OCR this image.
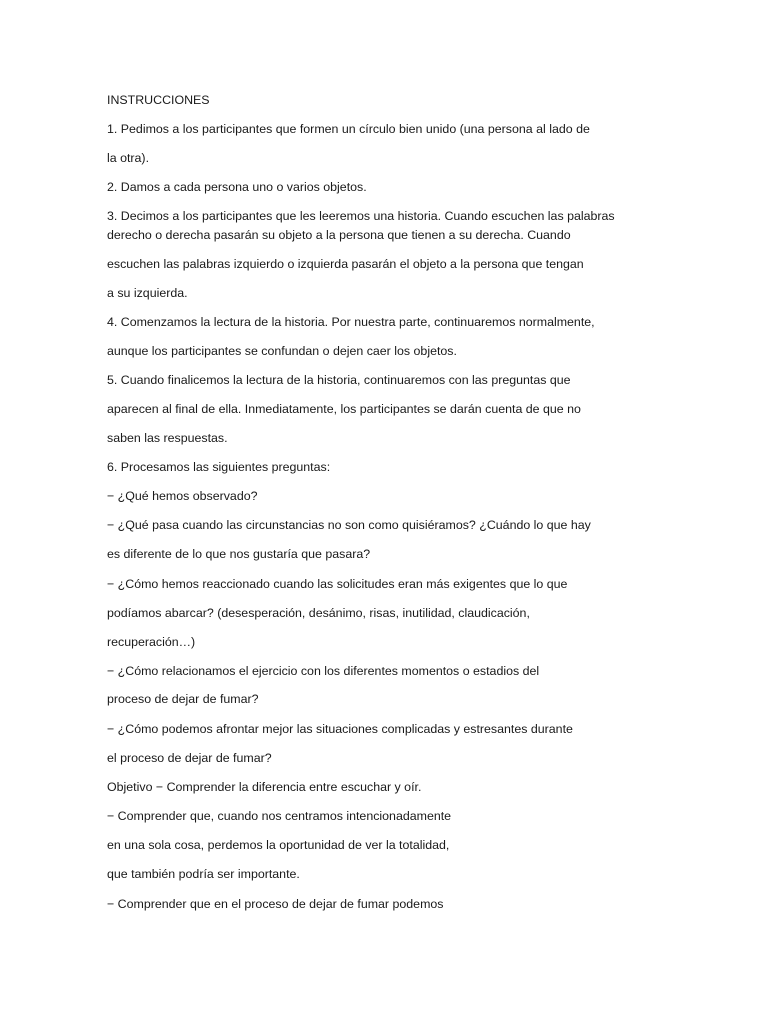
INSTRUCCIONES
1. Pedimos a los participantes que formen un círculo bien unido (una persona al lado de
la otra).
2. Damos a cada persona uno o varios objetos.
3. Decimos a los participantes que les leeremos una historia. Cuando escuchen las palabras
derecho o derecha pasarán su objeto a la persona que tienen a su derecha. Cuando
escuchen las palabras izquierdo o izquierda pasarán el objeto a la persona que tengan
a su izquierda.
4. Comenzamos la lectura de la historia. Por nuestra parte, continuaremos normalmente,
aunque los participantes se confundan o dejen caer los objetos.
5. Cuando finalicemos la lectura de la historia, continuaremos con las preguntas que
aparecen al final de ella. Inmediatamente, los participantes se darán cuenta de que no
saben las respuestas.
6. Procesamos las siguientes preguntas:
− ¿Qué hemos observado?
− ¿Qué pasa cuando las circunstancias no son como quisiéramos? ¿Cuándo lo que hay
es diferente de lo que nos gustaría que pasara?
− ¿Cómo hemos reaccionado cuando las solicitudes eran más exigentes que lo que
podíamos abarcar? (desesperación, desánimo, risas, inutilidad, claudicación,
recuperación…)
− ¿Cómo relacionamos el ejercicio con los diferentes momentos o estadios del
proceso de dejar de fumar?
− ¿Cómo podemos afrontar mejor las situaciones complicadas y estresantes durante
el proceso de dejar de fumar?
Objetivo − Comprender la diferencia entre escuchar y oír.
− Comprender que, cuando nos centramos intencionadamente
en una sola cosa, perdemos la oportunidad de ver la totalidad,
que también podría ser importante.
− Comprender que en el proceso de dejar de fumar podemos
